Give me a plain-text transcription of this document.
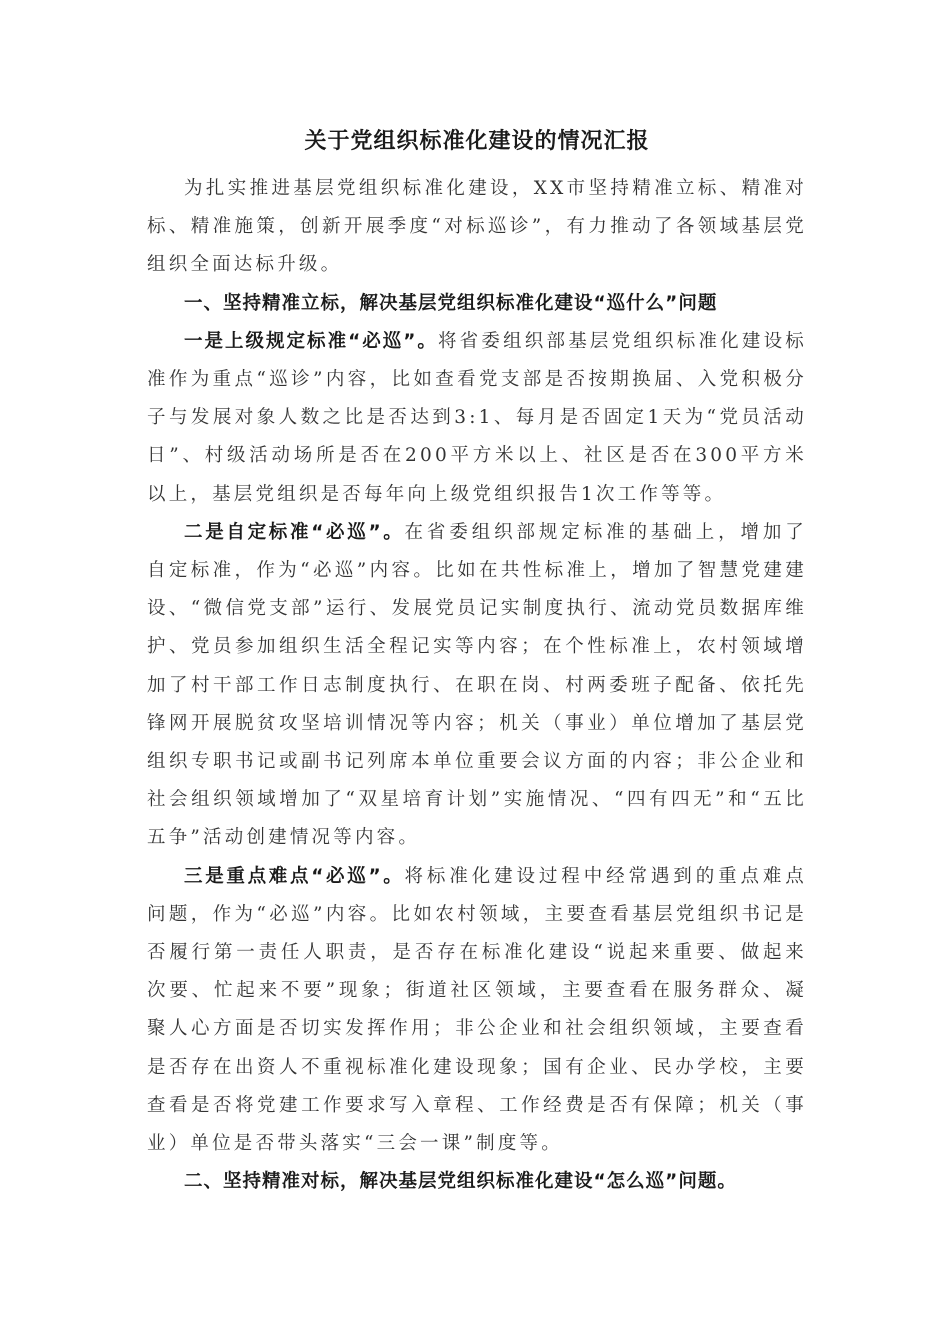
关于党组织标准化建设的情况汇报

为扎实推进基层党组织标准化建设，XX市坚持精准立标、精准对标、精准施策，创新开展季度“对标巡诊”，有力推动了各领域基层党组织全面达标升级。

一、坚持精准立标，解决基层党组织标准化建设“巡什么”问题

一是上级规定标准“必巡”。将省委组织部基层党组织标准化建设标准作为重点“巡诊”内容，比如查看党支部是否按期换届、入党积极分子与发展对象人数之比是否达到3:1、每月是否固定1天为“党员活动日”、村级活动场所是否在200平方米以上、社区是否在300平方米以上，基层党组织是否每年向上级党组织报告1次工作等等。

二是自定标准“必巡”。在省委组织部规定标准的基础上，增加了自定标准，作为“必巡”内容。比如在共性标准上，增加了智慧党建建设、“微信党支部”运行、发展党员记实制度执行、流动党员数据库维护、党员参加组织生活全程记实等内容；在个性标准上，农村领域增加了村干部工作日志制度执行、在职在岗、村两委班子配备、依托先锋网开展脱贫攻坚培训情况等内容；机关（事业）单位增加了基层党组织专职书记或副书记列席本单位重要会议方面的内容；非公企业和社会组织领域增加了“双星培育计划”实施情况、“四有四无”和“五比五争”活动创建情况等内容。

三是重点难点“必巡”。将标准化建设过程中经常遇到的重点难点问题，作为“必巡”内容。比如农村领域，主要查看基层党组织书记是否履行第一责任人职责，是否存在标准化建设“说起来重要、做起来次要、忙起来不要”现象；街道社区领域，主要查看在服务群众、凝聚人心方面是否切实发挥作用；非公企业和社会组织领域，主要查看是否存在出资人不重视标准化建设现象；国有企业、民办学校，主要查看是否将党建工作要求写入章程、工作经费是否有保障；机关（事业）单位是否带头落实“三会一课”制度等。

二、坚持精准对标，解决基层党组织标准化建设“怎么巡”问题。
